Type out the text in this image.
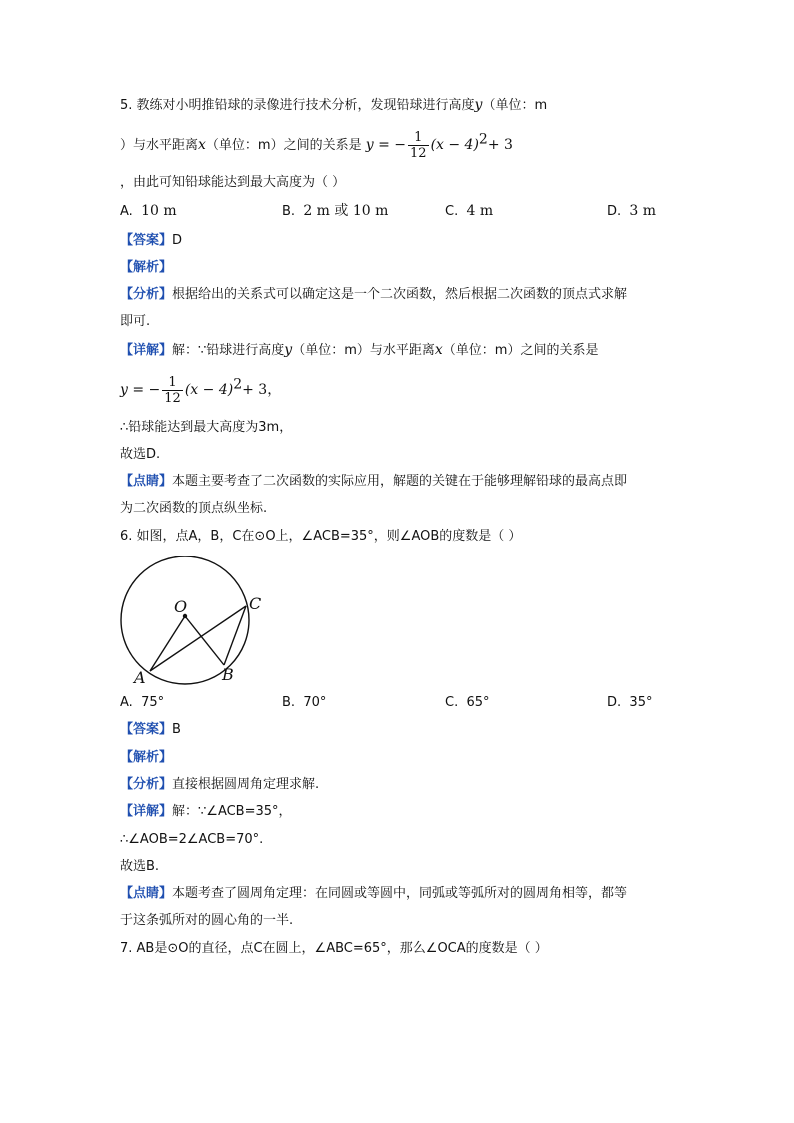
5. 教练对小明推铅球的录像进行技术分析，发现铅球进行高度y（单位：m
）与水平距离x（单位：m）之间的关系是 y = − $\frac{1}{12} (x - 4)^2+ 3$
，由此可知铅球能达到最大高度为（ ）
A. 10 m	B. 2 m 或 10 m	C. 4 m	D. 3 m
【答案】D
【解析】
【分析】根据给出的关系式可以确定这是一个二次函数，然后根据二次函数的顶点式求解
即可.
【详解】解：∵铅球进行高度y（单位：m）与水平距离x（单位：m）之间的关系是
y = − $\frac{1}{12} (x - 4)^2+ 3$，
∴铅球能达到最大高度为3m，
故选D.
【点睛】本题主要考查了二次函数的实际应用，解题的关键在于能够理解铅球的最高点即
为二次函数的顶点纵坐标.
6. 如图，点A，B，C在⊙O上，∠ACB=35°，则∠AOB的度数是（ ）
O	C
A	B
A. 75°	B. 70°	C. 65°	D. 35°
【答案】B
【解析】
【分析】直接根据圆周角定理求解.
【详解】解：∵∠ACB=35°，
∴∠AOB=2∠ACB=70°.
故选B.
【点睛】本题考查了圆周角定理：在同圆或等圆中，同弧或等弧所对的圆周角相等，都等
于这条弧所对的圆心角的一半.
7. AB是⊙O的直径，点C在圆上，∠ABC=65°，那么∠OCA的度数是（ ）
